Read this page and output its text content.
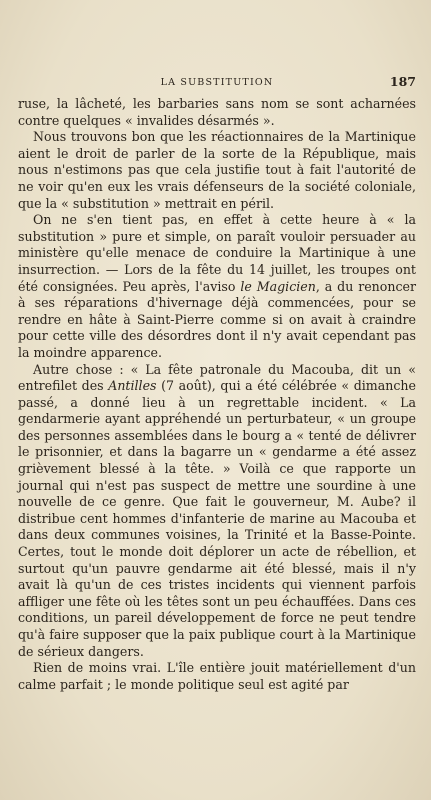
LA SUBSTITUTION	187

ruse, la lâcheté, les barbaries sans nom se sont acharnées contre quelques « invalides désarmés ».

Nous trouvons bon que les réactionnaires de la Martinique aient le droit de parler de la sorte de la République, mais nous n'estimons pas que cela justifie tout à fait l'autorité de ne voir qu'en eux les vrais défenseurs de la société coloniale, que la « substitution » mettrait en péril.

On ne s'en tient pas, en effet à cette heure à « la substitution » pure et simple, on paraît vouloir persuader au ministère qu'elle menace de conduire la Martinique à une insurrection. — Lors de la fête du 14 juillet, les troupes ont été consignées. Peu après, l'aviso le Magicien, a du renoncer à ses réparations d'hivernage déjà commencées, pour se rendre en hâte à Saint-Pierre comme si on avait à craindre pour cette ville des désordres dont il n'y avait cependant pas la moindre apparence.

Autre chose : « La fête patronale du Macouba, dit un « entrefilet des Antilles (7 août), qui a été célébrée « dimanche passé, a donné lieu à un regrettable incident. « La gendarmerie ayant appréhendé un perturbateur, « un groupe des personnes assemblées dans le bourg a « tenté de délivrer le prisonnier, et dans la bagarre un « gendarme a été assez grièvement blessé à la tête. » Voilà ce que rapporte un journal qui n'est pas suspect de mettre une sourdine à une nouvelle de ce genre. Que fait le gouverneur, M. Aube? il distribue cent hommes d'infanterie de marine au Macouba et dans deux communes voisines, la Trinité et la Basse-Pointe. Certes, tout le monde doit déplorer un acte de rébellion, et surtout qu'un pauvre gendarme ait été blessé, mais il n'y avait là qu'un de ces tristes incidents qui viennent parfois affliger une fête où les têtes sont un peu échauffées. Dans ces conditions, un pareil développement de force ne peut tendre qu'à faire supposer que la paix publique court à la Martinique de sérieux dangers.

Rien de moins vrai. L'île entière jouit matériellement d'un calme parfait ; le monde politique seul est agité par
